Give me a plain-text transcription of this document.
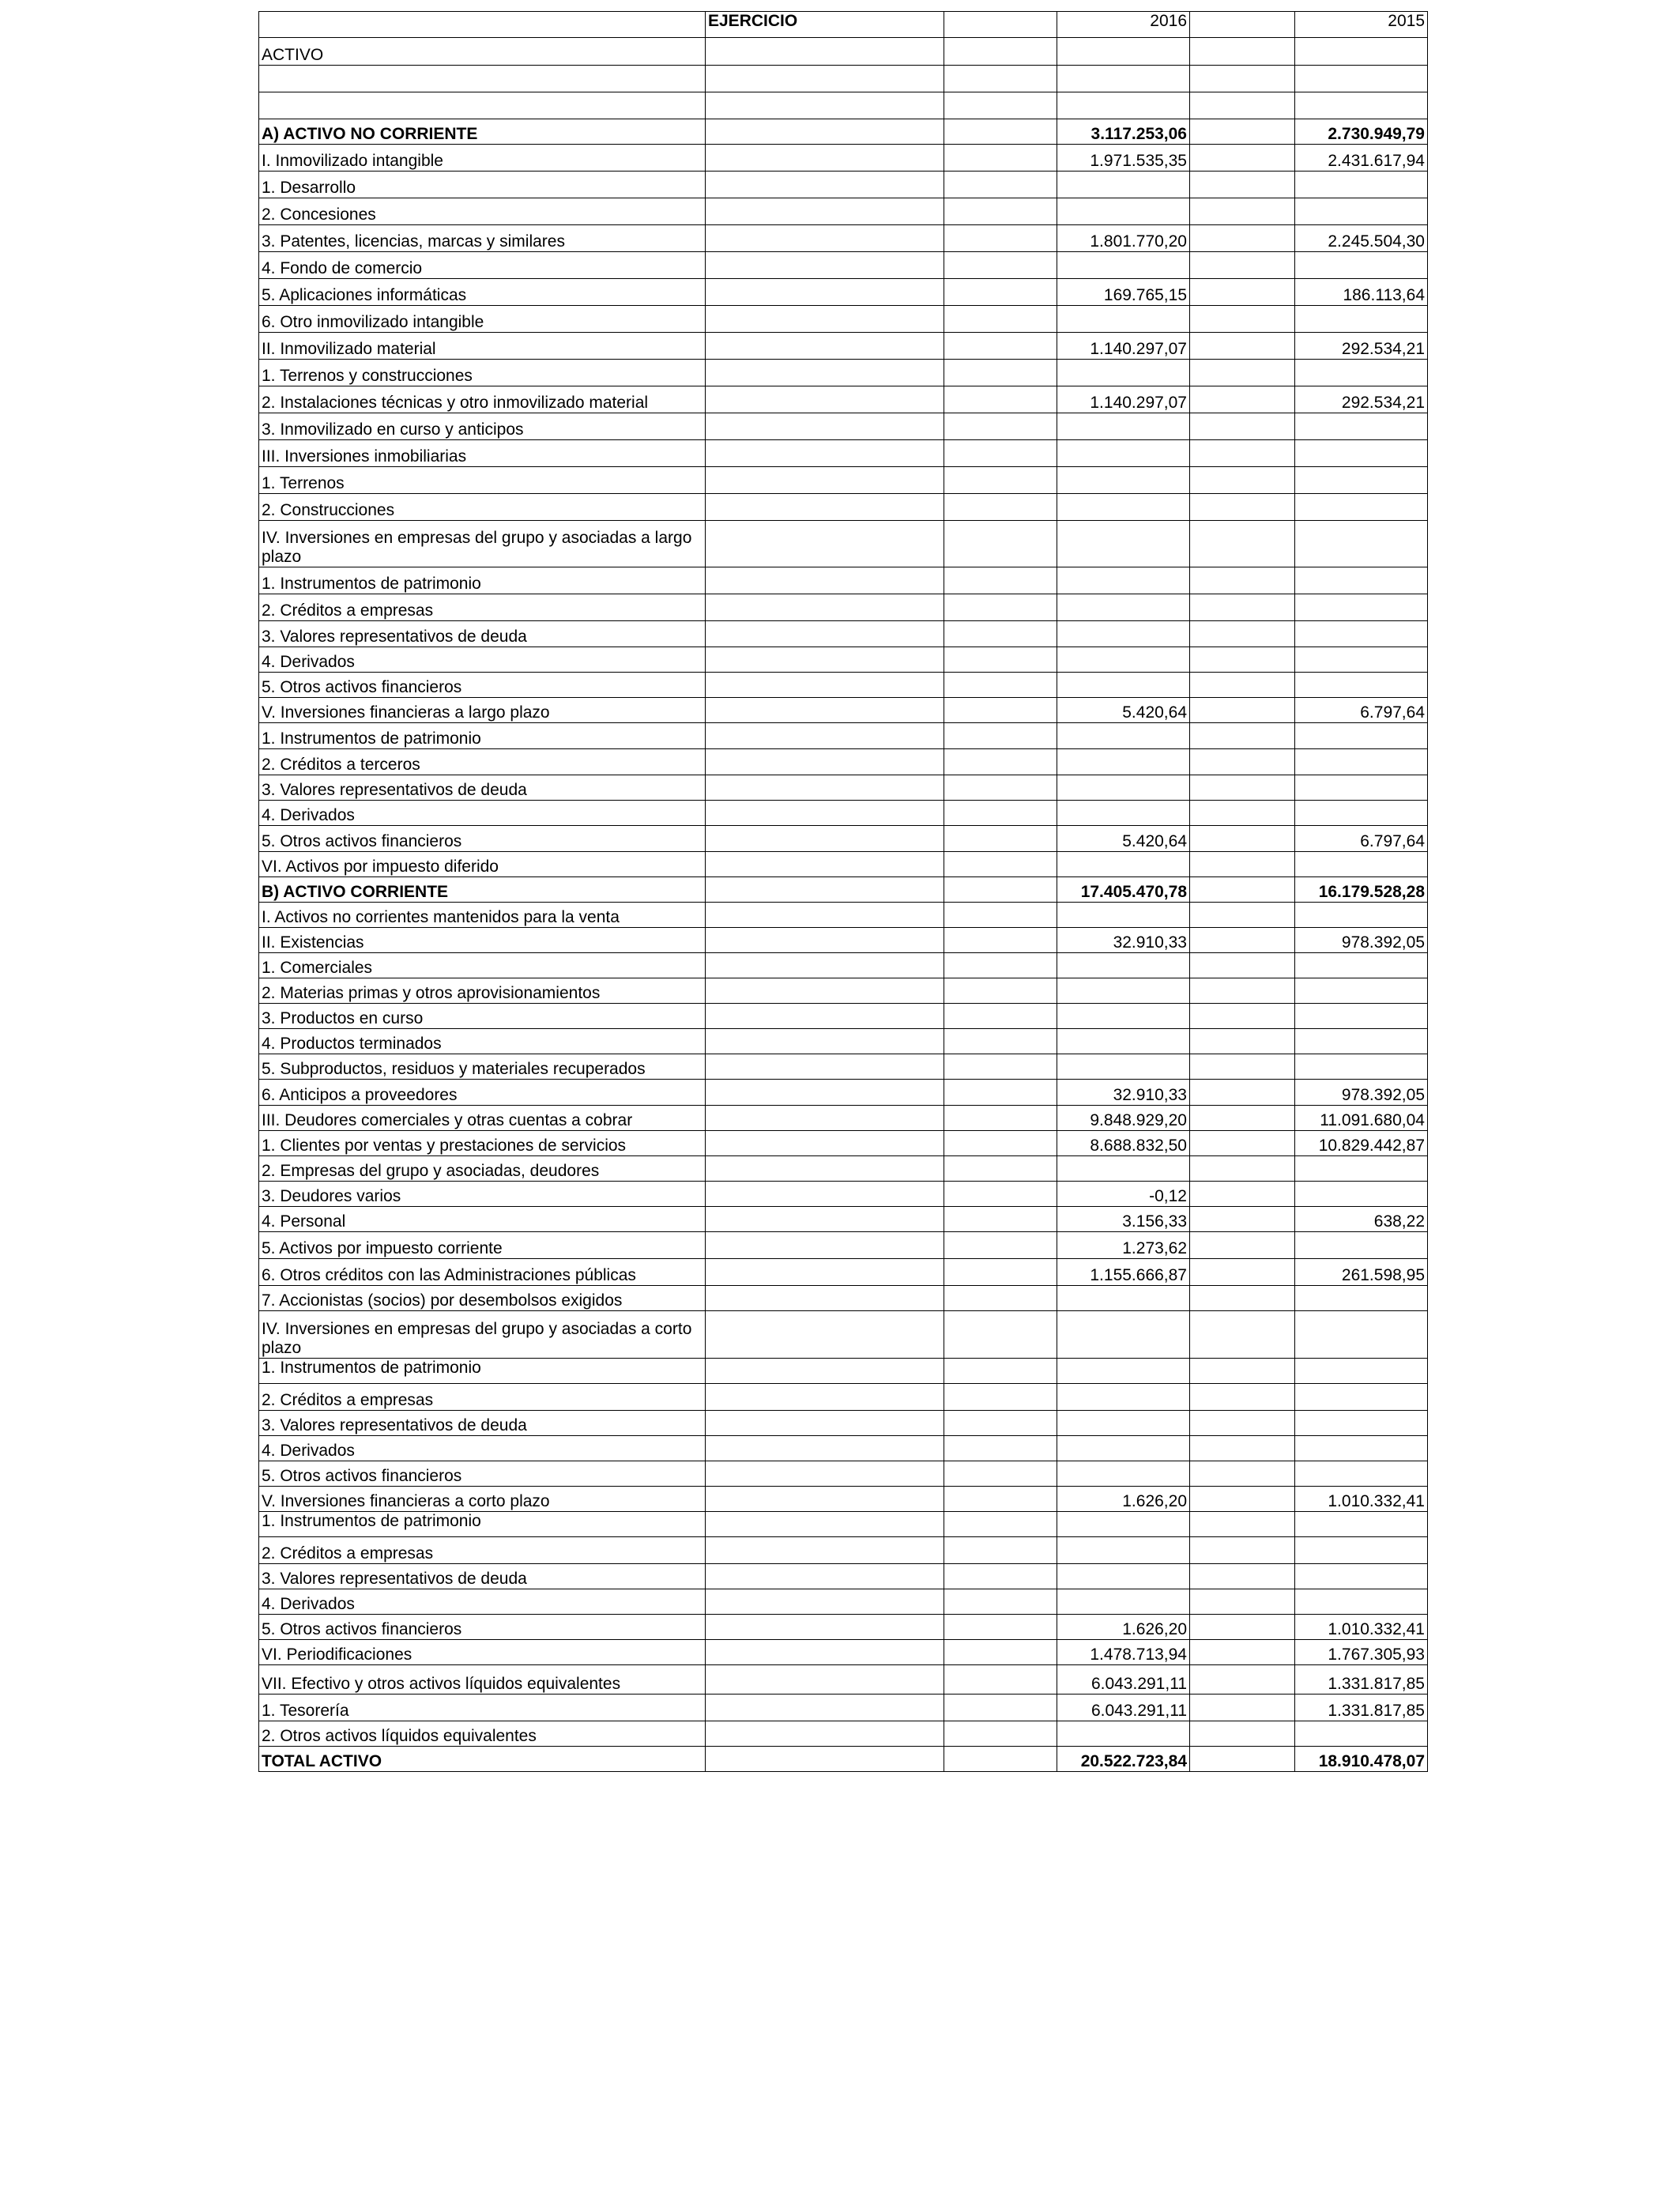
	EJERCICIO		2016		2015
ACTIVO					

A) ACTIVO NO CORRIENTE			3.117.253,06		2.730.949,79
I. Inmovilizado intangible			1.971.535,35		2.431.617,94
1. Desarrollo					
2. Concesiones					
3. Patentes, licencias, marcas y similares			1.801.770,20		2.245.504,30
4. Fondo de comercio					
5. Aplicaciones informáticas			169.765,15		186.113,64
6. Otro inmovilizado intangible					
II. Inmovilizado material			1.140.297,07		292.534,21
1. Terrenos y construcciones					
2. Instalaciones técnicas y otro inmovilizado material			1.140.297,07		292.534,21
3. Inmovilizado en curso y anticipos					
III. Inversiones inmobiliarias					
1. Terrenos					
2. Construcciones					
IV. Inversiones en empresas del grupo y asociadas a largo plazo					
1. Instrumentos de patrimonio					
2. Créditos a empresas					
3. Valores representativos de deuda					
4. Derivados					
5. Otros activos financieros					
V. Inversiones financieras a largo plazo			5.420,64		6.797,64
1. Instrumentos de patrimonio					
2. Créditos a terceros					
3. Valores representativos de deuda					
4. Derivados					
5. Otros activos financieros			5.420,64		6.797,64
VI. Activos por impuesto diferido					
B) ACTIVO CORRIENTE			17.405.470,78		16.179.528,28
I. Activos no corrientes mantenidos para la venta					
II. Existencias			32.910,33		978.392,05
1. Comerciales					
2. Materias primas y otros aprovisionamientos					
3. Productos en curso					
4. Productos terminados					
5. Subproductos, residuos y materiales recuperados					
6. Anticipos a proveedores			32.910,33		978.392,05
III. Deudores comerciales y otras cuentas a cobrar			9.848.929,20		11.091.680,04
1. Clientes por ventas y prestaciones de servicios			8.688.832,50		10.829.442,87
2. Empresas del grupo y asociadas, deudores					
3. Deudores varios			-0,12		
4. Personal			3.156,33		638,22
5. Activos por impuesto corriente			1.273,62		
6. Otros créditos con las Administraciones públicas			1.155.666,87		261.598,95
7. Accionistas (socios) por desembolsos exigidos					
IV. Inversiones en empresas del grupo y asociadas a corto plazo					
1. Instrumentos de patrimonio					
2. Créditos a empresas					
3. Valores representativos de deuda					
4. Derivados					
5. Otros activos financieros					
V. Inversiones financieras a corto plazo			1.626,20		1.010.332,41
1. Instrumentos de patrimonio					
2. Créditos a empresas					
3. Valores representativos de deuda					
4. Derivados					
5. Otros activos financieros			1.626,20		1.010.332,41
VI. Periodificaciones			1.478.713,94		1.767.305,93
VII. Efectivo y otros activos líquidos equivalentes			6.043.291,11		1.331.817,85
1. Tesorería			6.043.291,11		1.331.817,85
2. Otros activos líquidos equivalentes					
TOTAL ACTIVO			20.522.723,84		18.910.478,07
